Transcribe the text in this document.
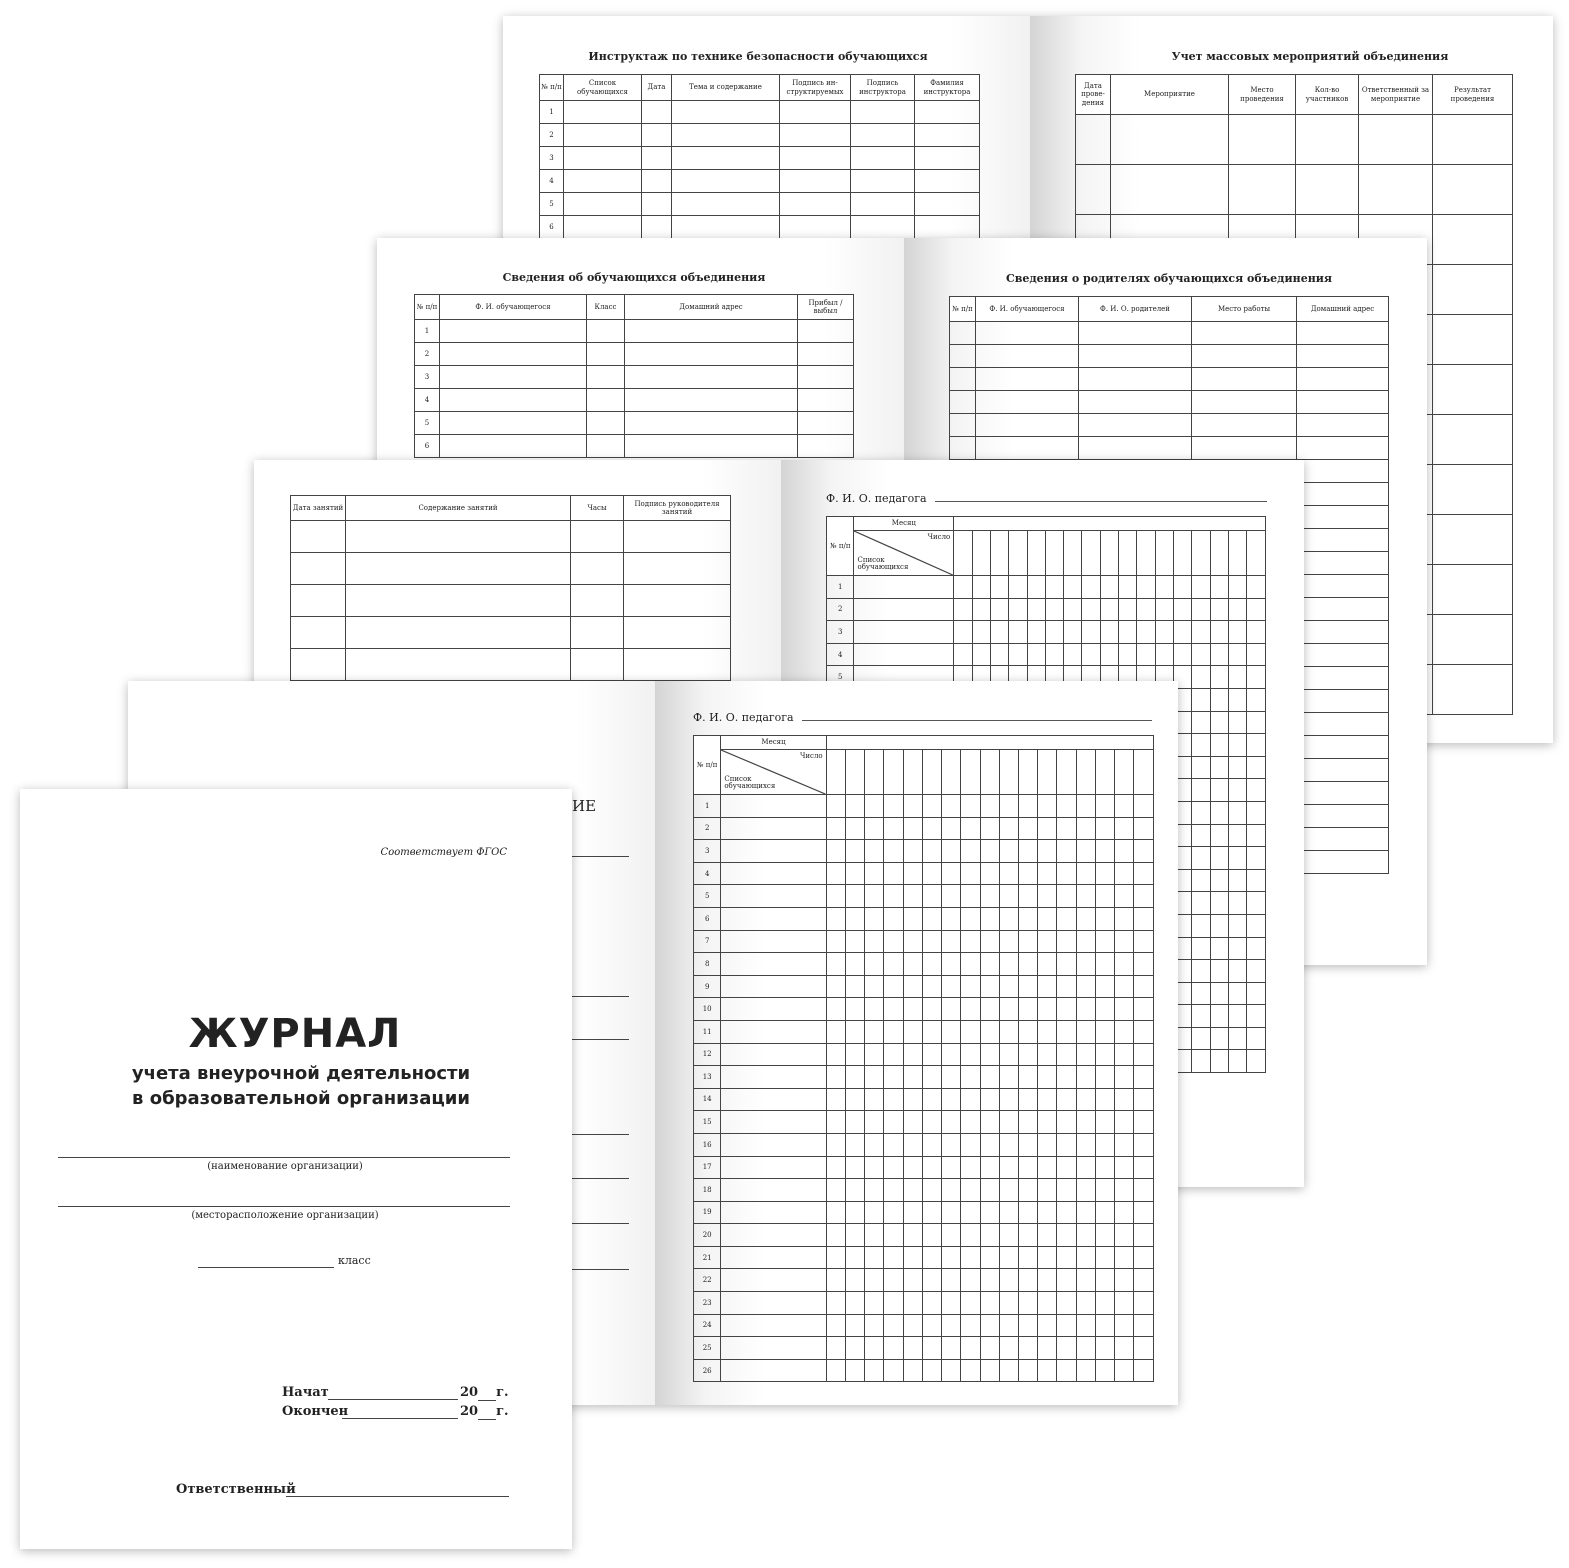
Инструктаж по технике безопасности обучающихся
№ п/п	Список обучающихся	Дата	Тема и содержание	Подпись ин-структируемых	Подпись инструктора	Фамилия инструктора
1						
2						
3						
4						
5						
6						
Учет массовых мероприятий объединения
Дата прове-дения	Мероприятие	Место проведения	Кол-во участников	Ответственный за мероприятие	Результат проведения

Сведения об обучающихся объединения
№ п/п	Ф. И. обучающегося	Класс	Домашний адрес	Прибыл / выбыл
1				
2				
3				
4				
5				
6				
Сведения о родителях обучающихся объединения
№ п/п	Ф. И. обучающегося	Ф. И. О. родителей	Место работы	Домашний адрес

Дата занятий	Содержание занятий	Часы	Подпись руководителя занятий

Ф. И. О. педагога
№ п/п	Месяц																	

	Число
Список обучающихся																	

1																		
2																		
3																		
4																		
5																		

ИЕ
Ф. И. О. педагога
№ п/п	Месяц																	

	Число
Список обучающихся																	

1																		
2																		
3																		
4																		
5																		
6																		
7																		
8																		
9																		
10																		
11																		
12																		
13																		
14																		
15																		
16																		
17																		
18																		
19																		
20																		
21																		
22																		
23																		
24																		
25																		
26																		
Соответствует ФГОС
ЖУРНАЛ
учета внеурочной деятельности
в образовательной организации
(наименование организации)
(месторасположение организации)
класс
Начат	20 г.
Окончен	20 г.
Ответственный
